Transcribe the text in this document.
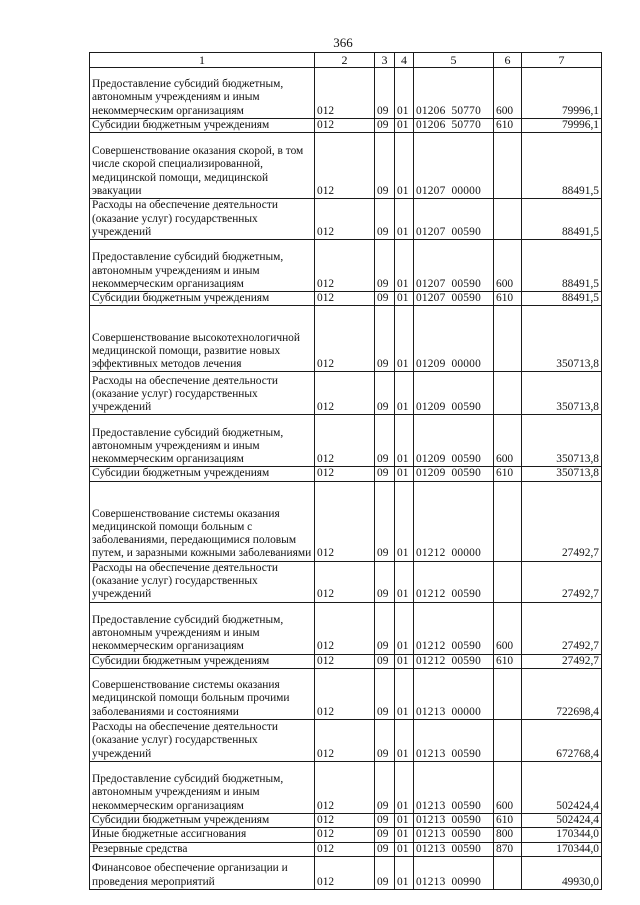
366
1	2	3	4	5	6	7
Предоставление субсидий бюджетным, автономным учреждениям и иным некоммерческим организациям	012	09	01	01206 50770	600	79996,1
Субсидии бюджетным учреждениям	012	09	01	01206 50770	610	79996,1
Совершенствование оказания скорой, в том числе скорой специализированной, медицинской помощи, медицинской эвакуации	012	09	01	01207 00000		88491,5
Расходы на обеспечение деятельности (оказание услуг) государственных учреждений	012	09	01	01207 00590		88491,5
Предоставление субсидий бюджетным, автономным учреждениям и иным некоммерческим организациям	012	09	01	01207 00590	600	88491,5
Субсидии бюджетным учреждениям	012	09	01	01207 00590	610	88491,5
Совершенствование высокотехнологичной медицинской помощи, развитие новых эффективных методов лечения	012	09	01	01209 00000		350713,8
Расходы на обеспечение деятельности (оказание услуг) государственных учреждений	012	09	01	01209 00590		350713,8
Предоставление субсидий бюджетным, автономным учреждениям и иным некоммерческим организациям	012	09	01	01209 00590	600	350713,8
Субсидии бюджетным учреждениям	012	09	01	01209 00590	610	350713,8
Совершенствование системы оказания медицинской помощи больным с заболеваниями, передающимися половым путем, и заразными кожными заболеваниями	012	09	01	01212 00000		27492,7
Расходы на обеспечение деятельности (оказание услуг) государственных учреждений	012	09	01	01212 00590		27492,7
Предоставление субсидий бюджетным, автономным учреждениям и иным некоммерческим организациям	012	09	01	01212 00590	600	27492,7
Субсидии бюджетным учреждениям	012	09	01	01212 00590	610	27492,7
Совершенствование системы оказания медицинской помощи больным прочими заболеваниями и состояниями	012	09	01	01213 00000		722698,4
Расходы на обеспечение деятельности (оказание услуг) государственных учреждений	012	09	01	01213 00590		672768,4
Предоставление субсидий бюджетным, автономным учреждениям и иным некоммерческим организациям	012	09	01	01213 00590	600	502424,4
Субсидии бюджетным учреждениям	012	09	01	01213 00590	610	502424,4
Иные бюджетные ассигнования	012	09	01	01213 00590	800	170344,0
Резервные средства	012	09	01	01213 00590	870	170344,0
Финансовое обеспечение организации и проведения мероприятий	012	09	01	01213 00990		49930,0
